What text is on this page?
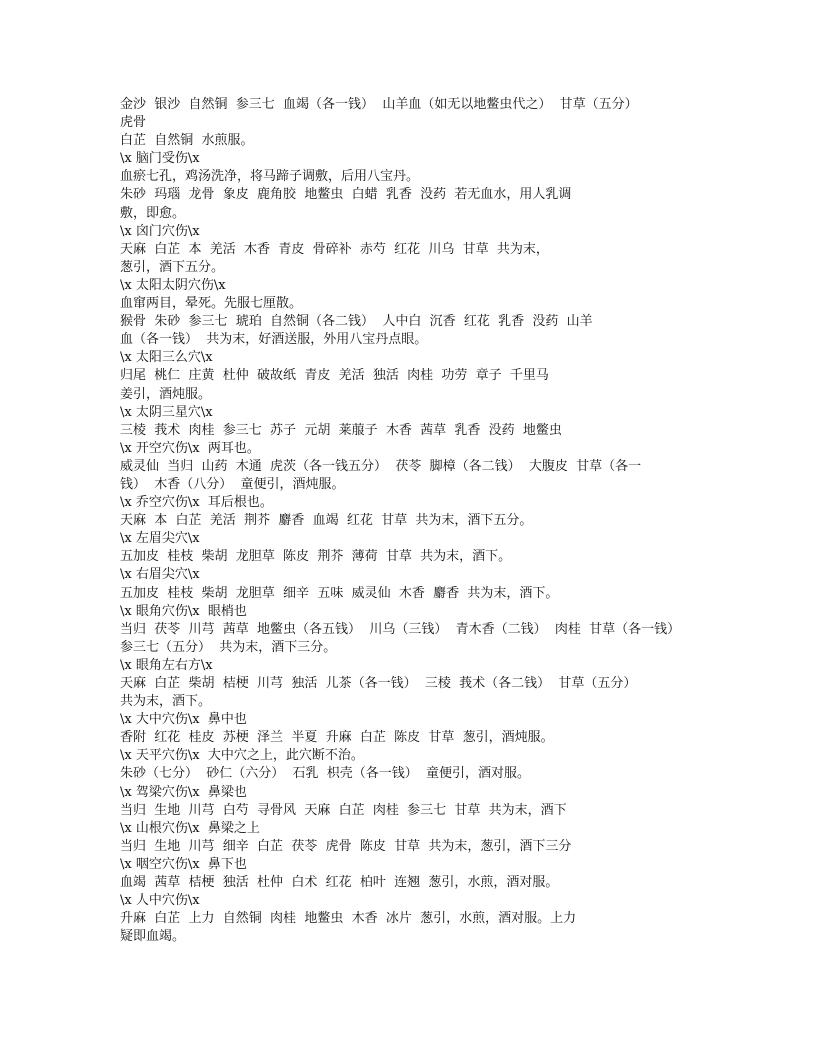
金沙  银沙  自然铜  参三七  血竭（各一钱）  山羊血（如无以地鳖虫代之）  甘草（五分）
虎骨
白芷  自然铜  水煎服。
\x 脑门受伤\x
血瘀七孔，鸡汤洗净，将马蹄子调敷，后用八宝丹。
朱砂  玛瑙  龙骨  象皮  鹿角胶  地鳖虫  白蜡  乳香  没药  若无血水，用人乳调
敷，即愈。
\x 囟门穴伤\x
天麻  白芷  本  羌活  木香  青皮  骨碎补  赤芍  红花  川乌  甘草  共为末，
葱引，酒下五分。
\x 太阳太阴穴伤\x
血窜两目，晕死。先服七厘散。
猴骨  朱砂  参三七  琥珀  自然铜（各二钱）  人中白  沉香  红花  乳香  没药  山羊
血（各一钱）  共为末，好酒送服，外用八宝丹点眼。
\x 太阳三么穴\x
归尾  桃仁  庄黄  杜仲  破故纸  青皮  羌活  独活  肉桂  功劳  章子  千里马
姜引，酒炖服。
\x 太阴三星穴\x
三棱  莪术  肉桂  参三七  苏子  元胡  莱菔子  木香  茜草  乳香  没药  地鳖虫
\x 开空穴伤\x  两耳也。
威灵仙  当归  山药  木通  虎茨（各一钱五分）  茯苓  脚樟（各二钱）  大腹皮  甘草（各一
钱）  木香（八分）  童便引，酒炖服。
\x 乔空穴伤\x  耳后根也。
天麻  本  白芷  羌活  荆芥  麝香  血竭  红花  甘草  共为末，酒下五分。
\x 左眉尖穴\x
五加皮  桂枝  柴胡  龙胆草  陈皮  荆芥  薄荷  甘草  共为末，酒下。
\x 右眉尖穴\x
五加皮  桂枝  柴胡  龙胆草  细辛  五味  威灵仙  木香  麝香  共为末，酒下。
\x 眼角穴伤\x  眼梢也
当归  茯苓  川芎  茜草  地鳖虫（各五钱）  川乌（三钱）  青木香（二钱）  肉桂  甘草（各一钱）
参三七（五分）  共为末，酒下三分。
\x 眼角左右方\x
天麻  白芷  柴胡  桔梗  川芎  独活  儿茶（各一钱）  三棱  莪术（各二钱）  甘草（五分）
共为末，酒下。
\x 大中穴伤\x  鼻中也
香附  红花  桂皮  苏梗  泽兰  半夏  升麻  白芷  陈皮  甘草  葱引，酒炖服。
\x 天平穴伤\x  大中穴之上，此穴断不治。
朱砂（七分）  砂仁（六分）  石乳  枳壳（各一钱）  童便引，酒对服。
\x 驾梁穴伤\x  鼻梁也
当归  生地  川芎  白芍  寻骨风  天麻  白芷  肉桂  参三七  甘草  共为末，酒下
\x 山根穴伤\x  鼻梁之上
当归  生地  川芎  细辛  白芷  茯苓  虎骨  陈皮  甘草  共为末，葱引，酒下三分
\x 咽空穴伤\x  鼻下也
血竭  茜草  桔梗  独活  杜仲  白术  红花  柏叶  连翘  葱引，水煎，酒对服。
\x 人中穴伤\x
升麻  白芷  上力  自然铜  肉桂  地鳖虫  木香  冰片  葱引，水煎，酒对服。上力
疑即血竭。
